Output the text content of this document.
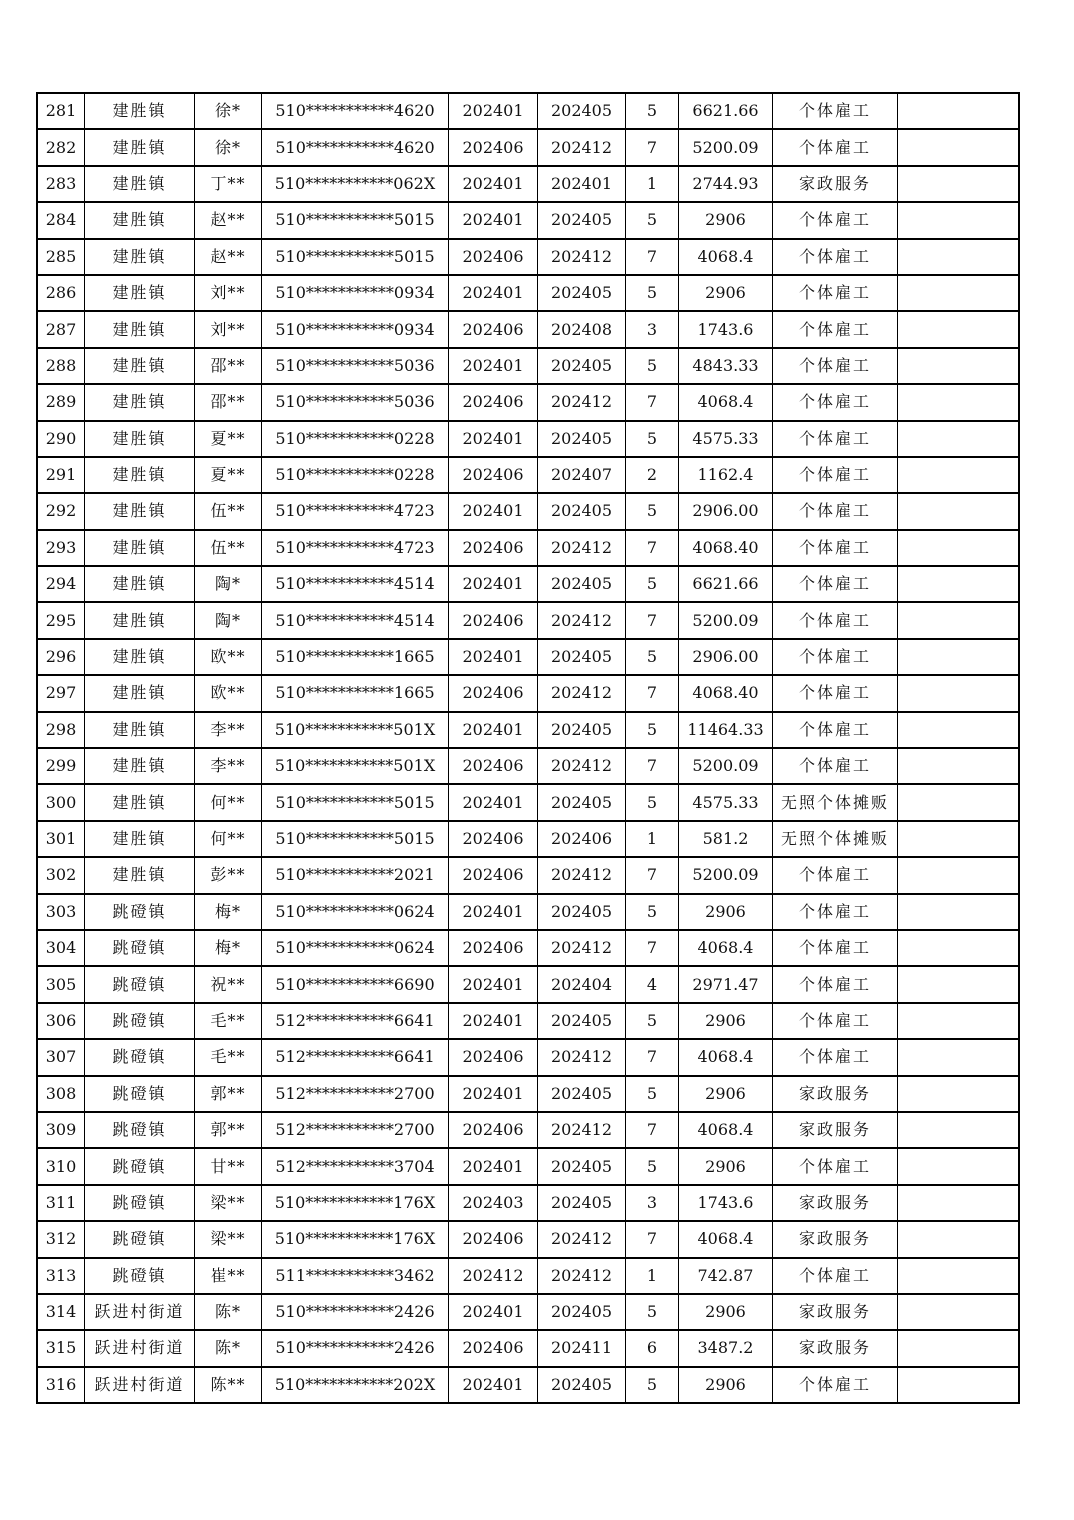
281	建胜镇	徐*	510***********4620	202401	202405	5	6621.66	个体雇工	
282	建胜镇	徐*	510***********4620	202406	202412	7	5200.09	个体雇工	
283	建胜镇	丁**	510***********062X	202401	202401	1	2744.93	家政服务	
284	建胜镇	赵**	510***********5015	202401	202405	5	2906	个体雇工	
285	建胜镇	赵**	510***********5015	202406	202412	7	4068.4	个体雇工	
286	建胜镇	刘**	510***********0934	202401	202405	5	2906	个体雇工	
287	建胜镇	刘**	510***********0934	202406	202408	3	1743.6	个体雇工	
288	建胜镇	邵**	510***********5036	202401	202405	5	4843.33	个体雇工	
289	建胜镇	邵**	510***********5036	202406	202412	7	4068.4	个体雇工	
290	建胜镇	夏**	510***********0228	202401	202405	5	4575.33	个体雇工	
291	建胜镇	夏**	510***********0228	202406	202407	2	1162.4	个体雇工	
292	建胜镇	伍**	510***********4723	202401	202405	5	2906.00	个体雇工	
293	建胜镇	伍**	510***********4723	202406	202412	7	4068.40	个体雇工	
294	建胜镇	陶*	510***********4514	202401	202405	5	6621.66	个体雇工	
295	建胜镇	陶*	510***********4514	202406	202412	7	5200.09	个体雇工	
296	建胜镇	欧**	510***********1665	202401	202405	5	2906.00	个体雇工	
297	建胜镇	欧**	510***********1665	202406	202412	7	4068.40	个体雇工	
298	建胜镇	李**	510***********501X	202401	202405	5	11464.33	个体雇工	
299	建胜镇	李**	510***********501X	202406	202412	7	5200.09	个体雇工	
300	建胜镇	何**	510***********5015	202401	202405	5	4575.33	无照个体摊贩	
301	建胜镇	何**	510***********5015	202406	202406	1	581.2	无照个体摊贩	
302	建胜镇	彭**	510***********2021	202406	202412	7	5200.09	个体雇工	
303	跳磴镇	梅*	510***********0624	202401	202405	5	2906	个体雇工	
304	跳磴镇	梅*	510***********0624	202406	202412	7	4068.4	个体雇工	
305	跳磴镇	祝**	510***********6690	202401	202404	4	2971.47	个体雇工	
306	跳磴镇	毛**	512***********6641	202401	202405	5	2906	个体雇工	
307	跳磴镇	毛**	512***********6641	202406	202412	7	4068.4	个体雇工	
308	跳磴镇	郭**	512***********2700	202401	202405	5	2906	家政服务	
309	跳磴镇	郭**	512***********2700	202406	202412	7	4068.4	家政服务	
310	跳磴镇	甘**	512***********3704	202401	202405	5	2906	个体雇工	
311	跳磴镇	梁**	510***********176X	202403	202405	3	1743.6	家政服务	
312	跳磴镇	梁**	510***********176X	202406	202412	7	4068.4	家政服务	
313	跳磴镇	崔**	511***********3462	202412	202412	1	742.87	个体雇工	
314	跃进村街道	陈*	510***********2426	202401	202405	5	2906	家政服务	
315	跃进村街道	陈*	510***********2426	202406	202411	6	3487.2	家政服务	
316	跃进村街道	陈**	510***********202X	202401	202405	5	2906	个体雇工	
